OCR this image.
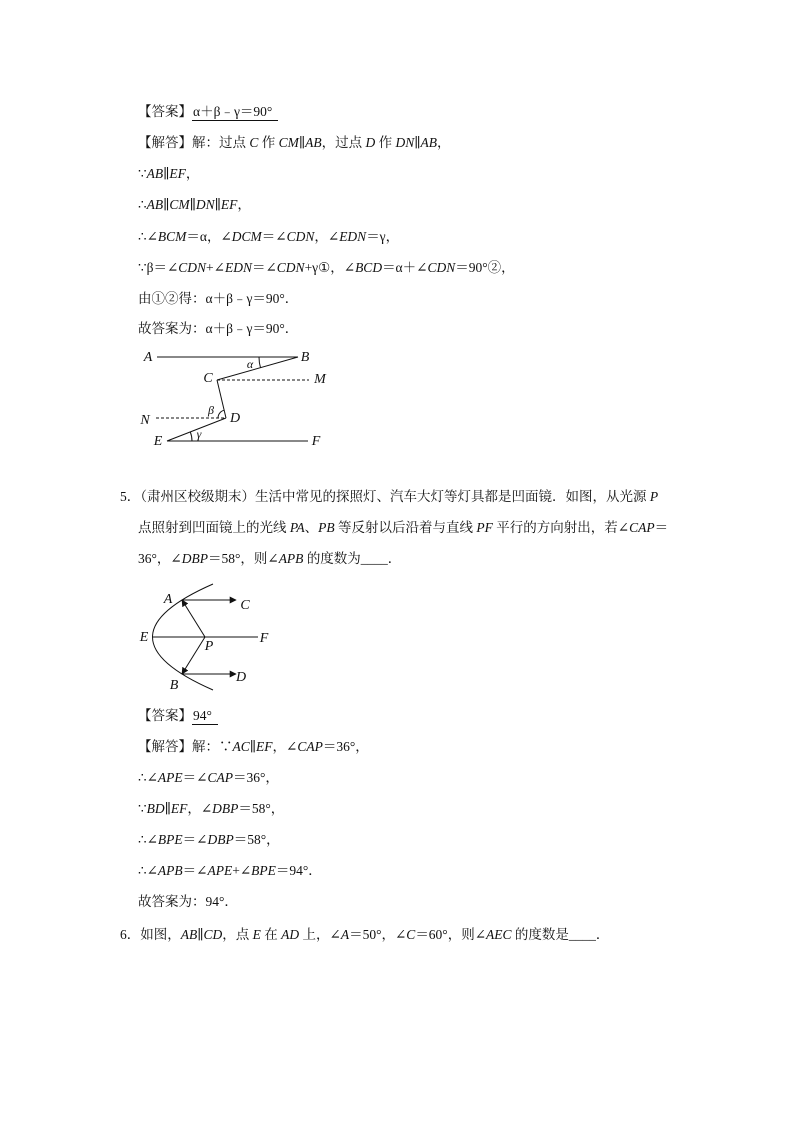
【答案】α＋β﹣γ＝90°
【解答】解：过点 C 作 CM∥AB，过点 D 作 DN∥AB，
∵AB∥EF，
∴AB∥CM∥DN∥EF，
∴∠BCM＝α，∠DCM＝∠CDN，∠EDN＝γ，
∵β＝∠CDN+∠EDN＝∠CDN+γ①，∠BCD＝α＋∠CDN＝90°②，
由①②得：α＋β﹣γ＝90°．
故答案为：α＋β﹣γ＝90°．
A	B
C	M
N	D
E	F
α
β
γ
5．（肃州区校级期末）生活中常见的探照灯、汽车大灯等灯具都是凹面镜．如图，从光源 P
点照射到凹面镜上的光线 PA、PB 等反射以后沿着与直线 PF 平行的方向射出，若∠CAP＝
36°，∠DBP＝58°，则∠APB 的度数为____．
A	C
E
P
F
B
D
【答案】94°
【解答】解：∵AC∥EF，∠CAP＝36°，
∴∠APE＝∠CAP＝36°，
∵BD∥EF，∠DBP＝58°，
∴∠BPE＝∠DBP＝58°，
∴∠APB＝∠APE+∠BPE＝94°．
故答案为：94°．
6．如图，AB∥CD，点 E 在 AD 上，∠A＝50°，∠C＝60°，则∠AEC 的度数是____．
